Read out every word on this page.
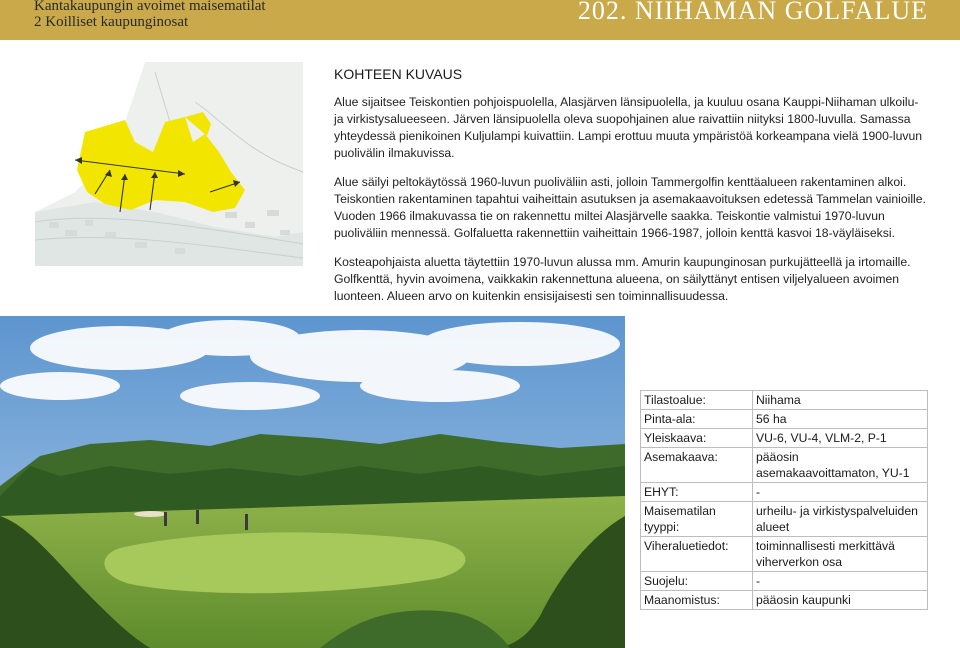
Kantakaupungin avoimet maisematilat
2 Koilliset kaupunginosat	202. NIIHAMAN GOLFALUE
KOHTEEN KUVAUS

Alue sijaitsee Teiskontien pohjoispuolella, Alasjärven länsipuolella, ja kuuluu osana Kauppi-Niihaman ulkoilu- ja virkistysalueeseen. Järven länsipuolella oleva suopohjainen alue raivattiin niityksi 1800-luvulla. Samassa yhteydessä pienikoinen Kuljulampi kuivattiin. Lampi erottuu muuta ympäristöä korkeampana vielä 1900-luvun puolivälin ilmakuvissa.

Alue säilyi peltokäytössä 1960-luvun puoliväliin asti, jolloin Tammergolfin kenttäalueen rakentaminen alkoi. Teiskontien rakentaminen tapahtui vaiheittain asutuksen ja asemakaavoituksen edetessä Tammelan vainioille. Vuoden 1966 ilmakuvassa tie on rakennettu miltei Alasjärvelle saakka. Teiskontie valmistui 1970-luvun puoliväliin mennessä. Golfaluetta rakennettiin vaiheittain 1966-1987, jolloin kenttä kasvoi 18-väyläiseksi.

Kosteapohjaista aluetta täytettiin 1970-luvun alussa mm. Amurin kaupunginosan purkujätteellä ja irtomaille. Golfkenttä, hyvin avoimena, vaikkakin rakennettuna alueena, on säilyttänyt entisen viljelyalueen avoimen luonteen. Alueen arvo on kuitenkin ensisijaisesti sen toiminnallisuudessa.

Tilastoalue:	Niihama
Pinta-ala:	56 ha
Yleiskaava:	VU-6, VU-4, VLM-2, P-1
Asemakaava:	pääosin asemakaavoittamaton, YU-1
EHYT:	-
Maisematilan tyyppi:	urheilu- ja virkistyspalveluiden alueet
Viheraluetiedot:	toiminnallisesti merkittävä viherverkon osa
Suojelu:	-
Maanomistus:	pääosin kaupunki
